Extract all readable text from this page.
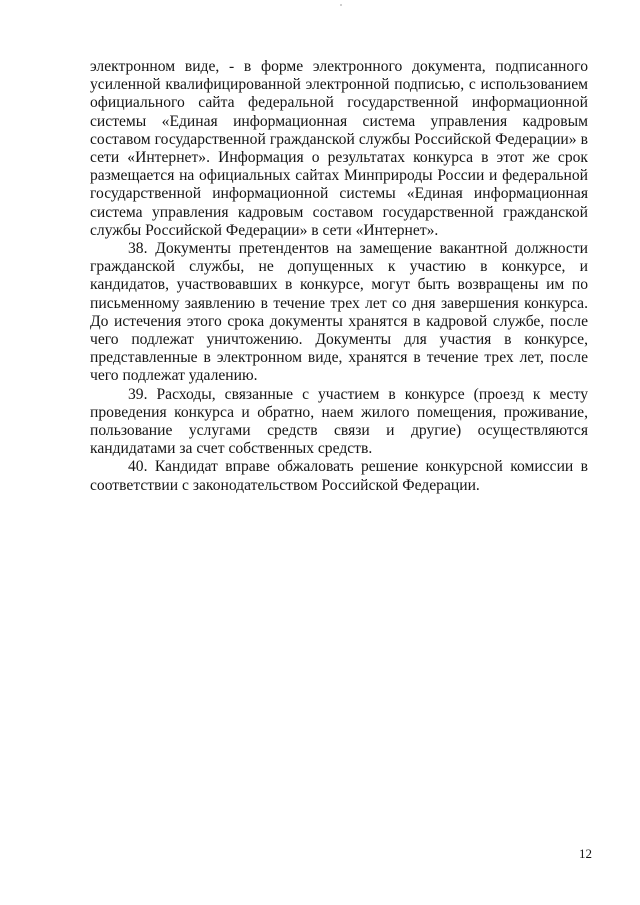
электронном виде, - в форме электронного документа, подписанного усиленной квалифицированной электронной подписью, с использованием официального сайта федеральной государственной информационной системы «Единая информационная система управления кадровым составом государственной гражданской службы Российской Федерации» в сети «Интернет». Информация о результатах конкурса в этот же срок размещается на официальных сайтах Минприроды России и федеральной государственной информационной системы «Единая информационная система управления кадровым составом государственной гражданской службы Российской Федерации» в сети «Интернет».

38. Документы претендентов на замещение вакантной должности гражданской службы, не допущенных к участию в конкурсе, и кандидатов, участвовавших в конкурсе, могут быть возвращены им по письменному заявлению в течение трех лет со дня завершения конкурса. До истечения этого срока документы хранятся в кадровой службе, после чего подлежат уничтожению. Документы для участия в конкурсе, представленные в электронном виде, хранятся в течение трех лет, после чего подлежат удалению.

39. Расходы, связанные с участием в конкурсе (проезд к месту проведения конкурса и обратно, наем жилого помещения, проживание, пользование услугами средств связи и другие) осуществляются кандидатами за счет собственных средств.

40. Кандидат вправе обжаловать решение конкурсной комиссии в соответствии с законодательством Российской Федерации.

12
